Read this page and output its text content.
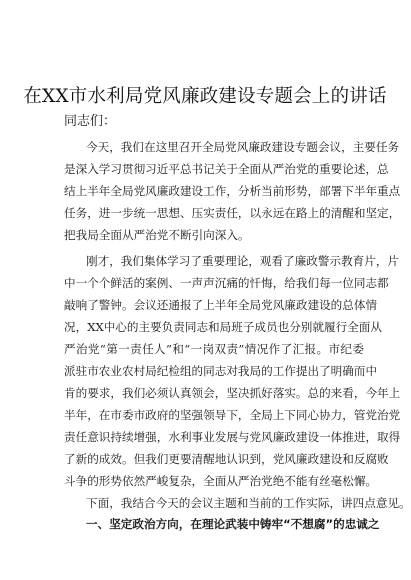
在XX市水利局党风廉政建设专题会上的讲话
同志们：
今天，我们在这里召开全局党风廉政建设专题会议，主要任务
是深入学习贯彻习近平总书记关于全面从严治党的重要论述，总
结上半年全局党风廉政建设工作，分析当前形势，部署下半年重点
任务，进一步统一思想、压实责任，以永远在路上的清醒和坚定，
把我局全面从严治党不断引向深入。
刚才，我们集体学习了重要理论，观看了廉政警示教育片，片
中一个个鲜活的案例、一声声沉痛的忏悔，给我们每一位同志都
敲响了警钟。会议还通报了上半年全局党风廉政建设的总体情
况，XX中心的主要负责同志和局班子成员也分别就履行全面从
严治党“第一责任人”和“一岗双责”情况作了汇报。市纪委
派驻市农业农村局纪检组的同志对我局的工作提出了明确而中
肯的要求，我们必须认真领会，坚决抓好落实。总的来看，今年上
半年，在市委市政府的坚强领导下，全局上下同心协力，管党治党
责任意识持续增强，水利事业发展与党风廉政建设一体推进，取得
了新的成效。但我们更要清醒地认识到，党风廉政建设和反腐败
斗争的形势依然严峻复杂，全面从严治党绝不能有丝毫松懈。
下面，我结合今天的会议主题和当前的工作实际，讲四点意见。
一、坚定政治方向，在理论武装中铸牢“不想腐”的忠诚之
